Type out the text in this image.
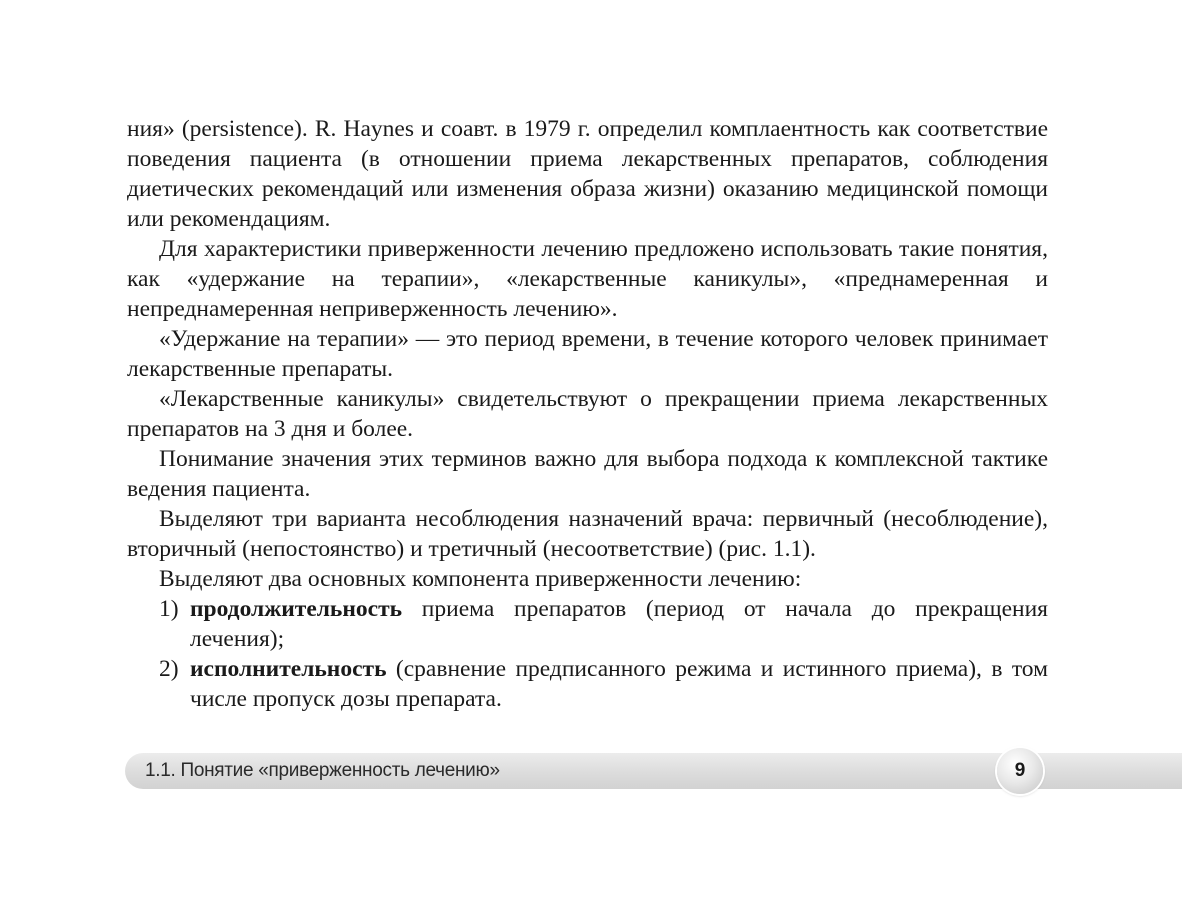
ния» (persistence). R. Haynes и соавт. в 1979 г. определил комплаентность как соответствие поведения пациента (в отношении приема лекарственных препаратов, соблюдения диетических рекомендаций или изменения образа жизни) оказанию медицинской помощи или рекомендациям.

Для характеристики приверженности лечению предложено использовать такие понятия, как «удержание на терапии», «лекарственные каникулы», «преднамеренная и непреднамеренная неприверженность лечению».

«Удержание на терапии» — это период времени, в течение которого человек принимает лекарственные препараты.

«Лекарственные каникулы» свидетельствуют о прекращении приема лекарственных препаратов на 3 дня и более.

Понимание значения этих терминов важно для выбора подхода к комплексной тактике ведения пациента.

Выделяют три варианта несоблюдения назначений врача: первичный (несоблюдение), вторичный (непостоянство) и третичный (несоответствие) (рис. 1.1).

Выделяют два основных компонента приверженности лечению:

1) продолжительность приема препаратов (период от начала до прекращения лечения);
2) исполнительность (сравнение предписанного режима и истинного приема), в том числе пропуск дозы препарата.
1.1. Понятие «приверженность лечению»	9
